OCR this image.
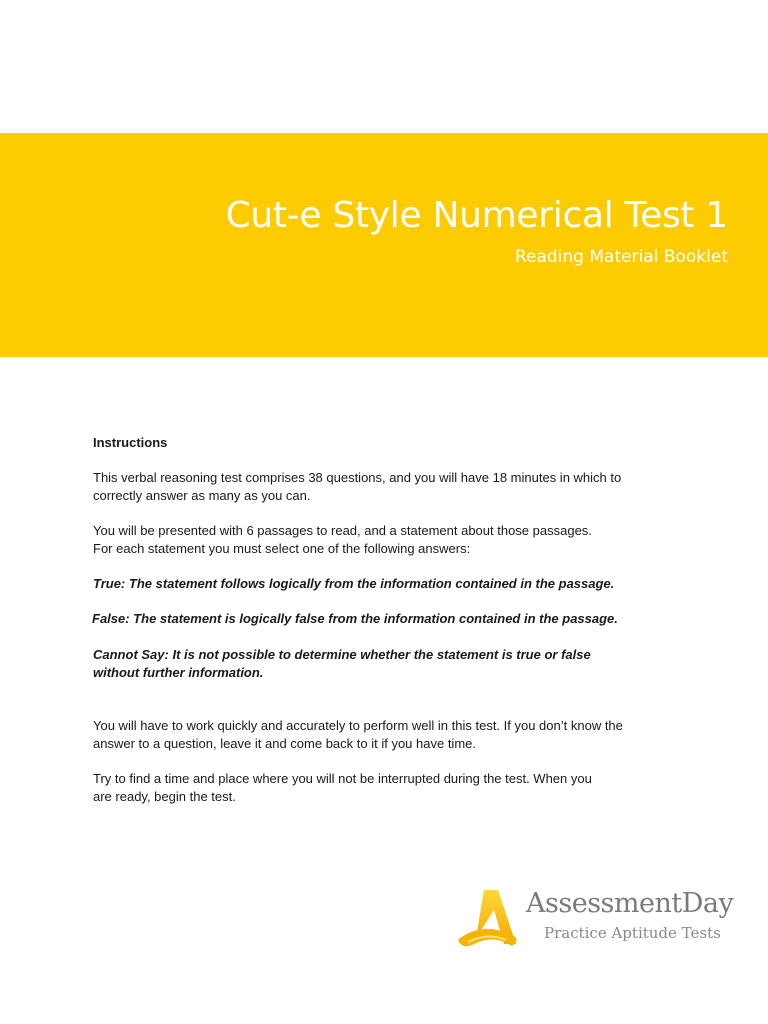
Cut-e Style Numerical Test 1
Reading Material Booklet

Instructions

This verbal reasoning test comprises 38 questions, and you will have 18 minutes in which to

correctly answer as many as you can.

You will be presented with 6 passages to read, and a statement about those passages.

For each statement you must select one of the following answers:

True: The statement follows logically from the information contained in the passage.

False: The statement is logically false from the information contained in the passage.

Cannot Say: It is not possible to determine whether the statement is true or false

without further information.

You will have to work quickly and accurately to perform well in this test. If you don’t know the

answer to a question, leave it and come back to it if you have time.

Try to find a time and place where you will not be interrupted during the test. When you

are ready, begin the test.

AssessmentDay
Practice Aptitude Tests
